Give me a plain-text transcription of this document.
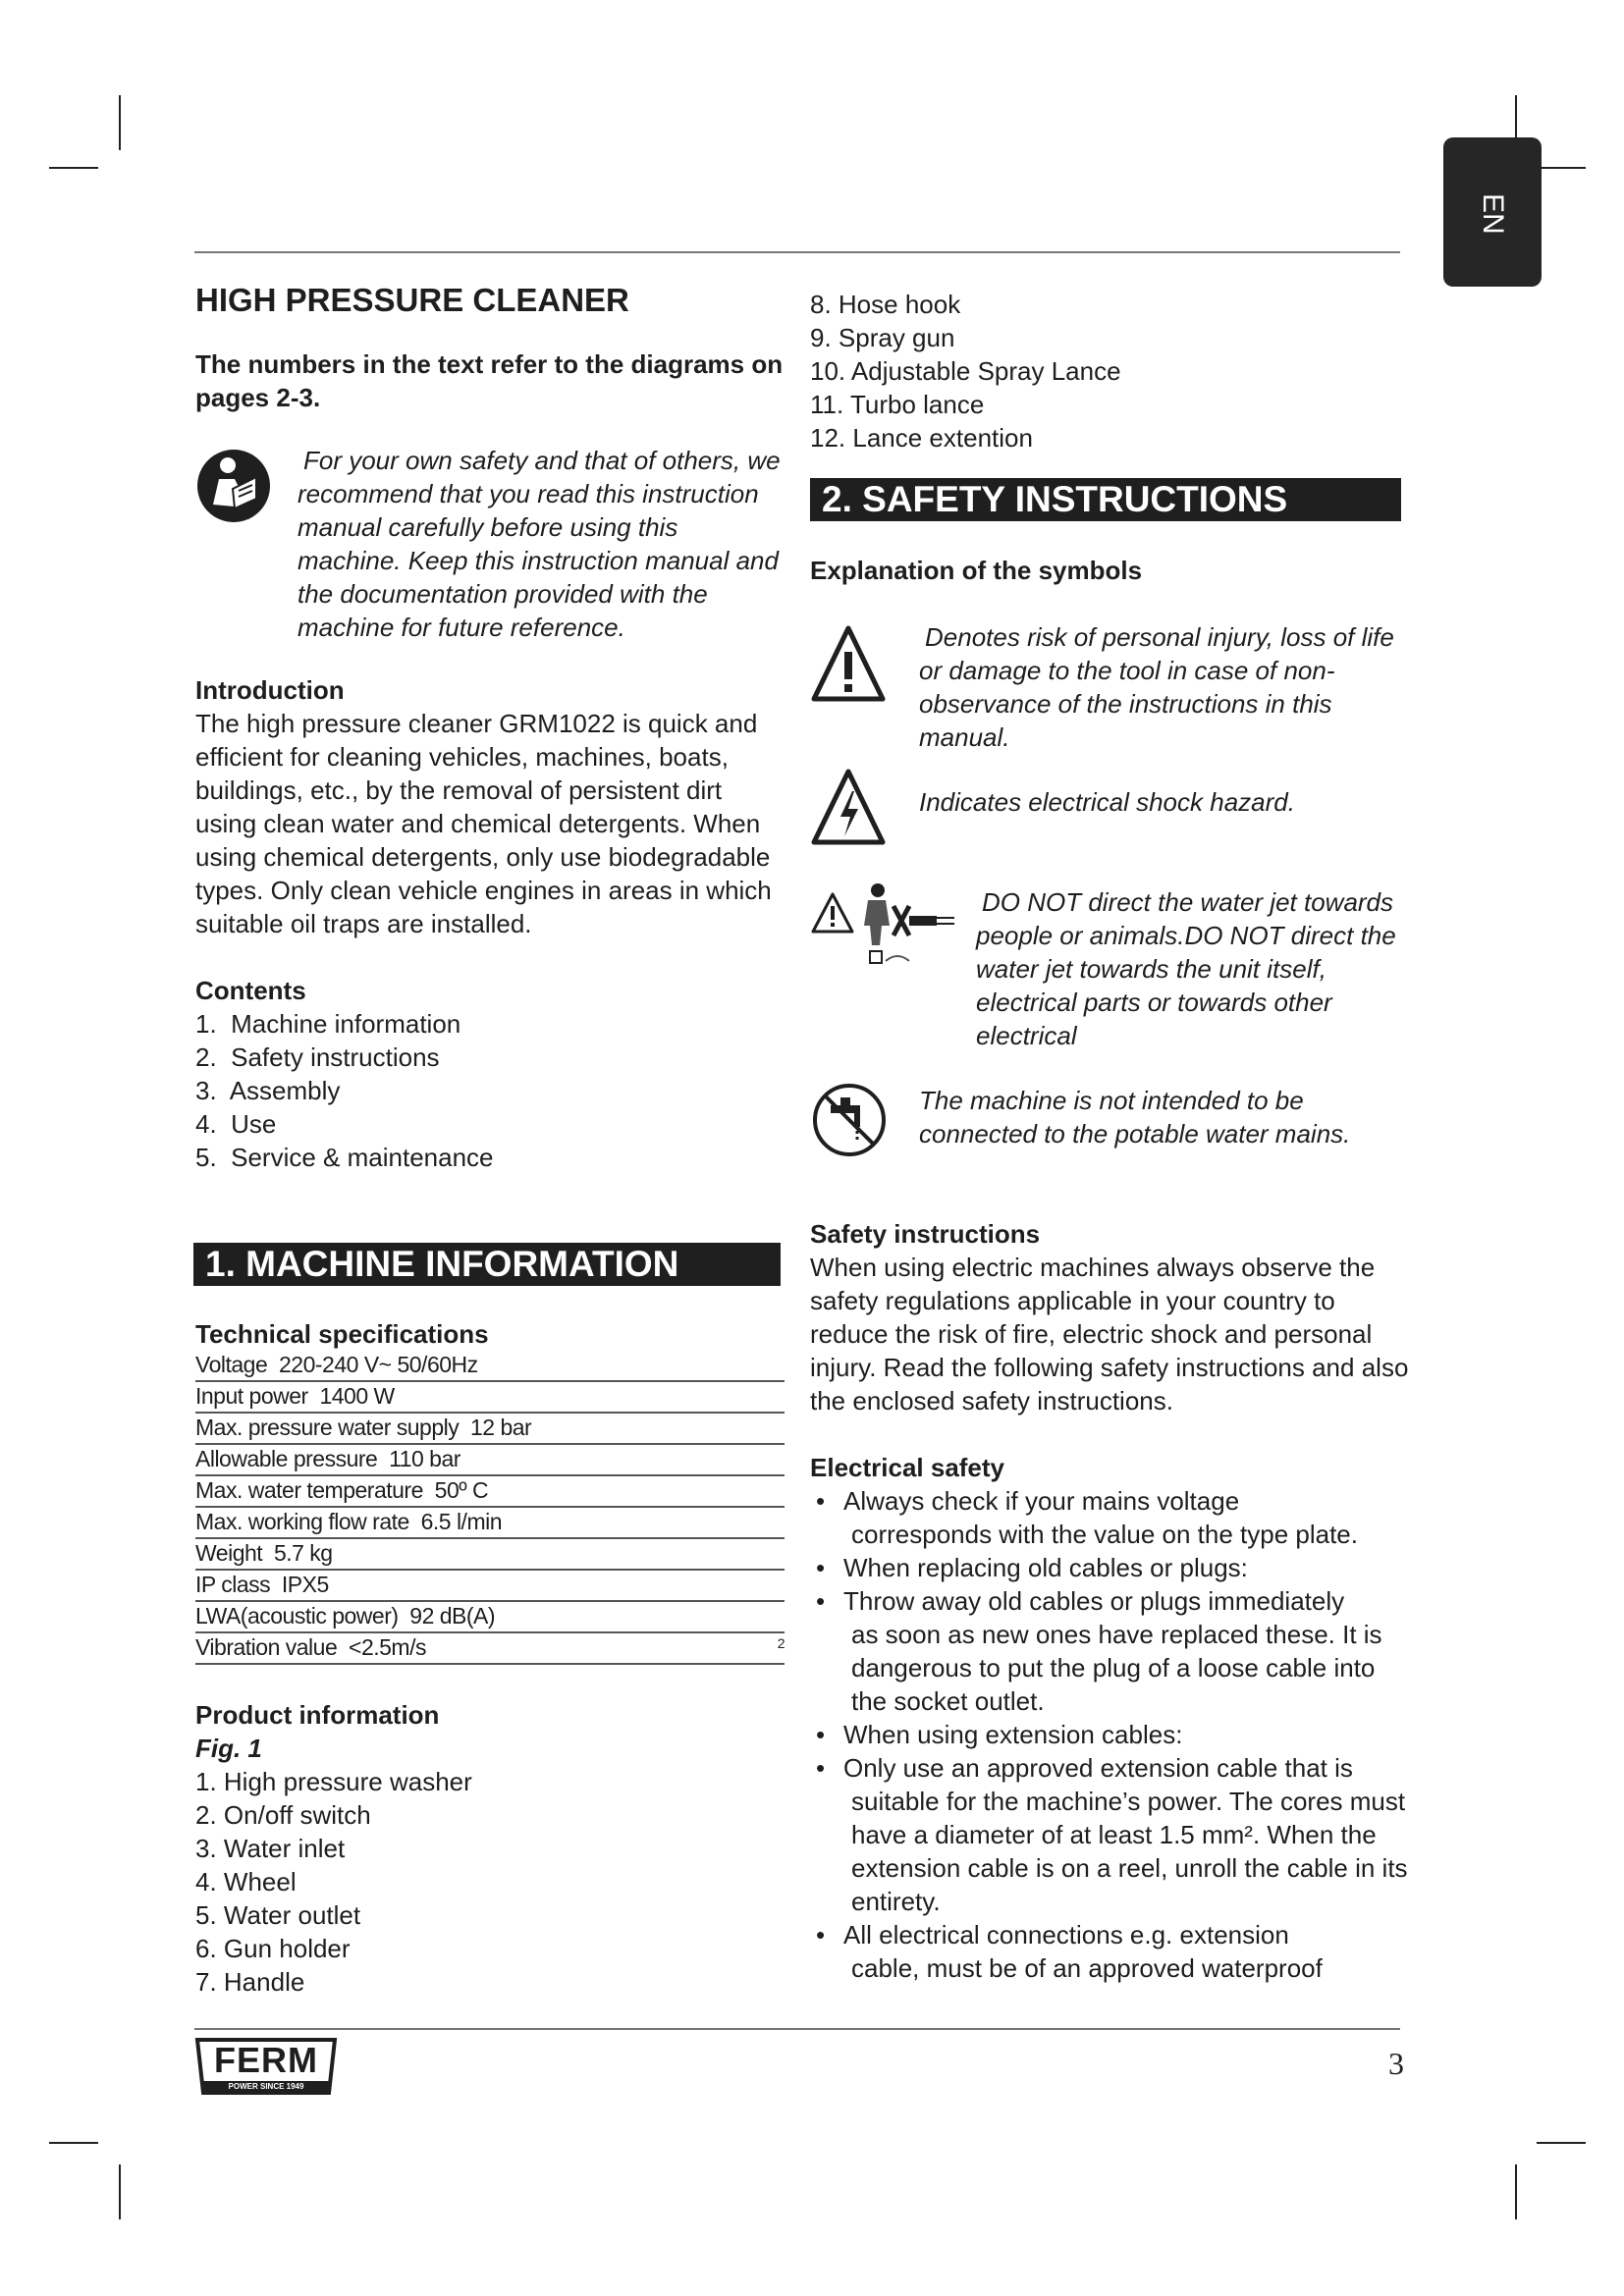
EN
HIGH PRESSURE CLEANER

The numbers in the text refer to the diagrams on pages 2-3.

For your own safety and that of others, we recommend that you read this instruction manual carefully before using this machine. Keep this instruction manual and the documentation provided with the machine for future reference.

Introduction

The high pressure cleaner GRM1022 is quick and efficient for cleaning vehicles, machines, boats, buildings, etc., by the removal of persistent dirt using clean water and chemical detergents. When using chemical detergents, only use biodegradable types. Only clean vehicle engines in areas in which suitable oil traps are installed.

Contents

1.  Machine information
2.  Safety instructions
3.  Assembly
4.  Use
5.  Service & maintenance
1. MACHINE INFORMATION

Technical specifications

Voltage  220-240 V~ 50/60Hz
Input power  1400 W
Max. pressure water supply  12 bar
Allowable pressure  110 bar
Max. water temperature  50º C
Max. working flow rate  6.5 l/min
Weight  5.7 kg
IP class  IPX5
LWA(acoustic power)  92 dB(A)
Vibration value  <2.5m/s	2

Product information

Fig. 1

1. High pressure washer
2. On/off switch
3. Water inlet
4. Wheel
5. Water outlet
6. Gun holder
7. Handle
8. Hose hook
9. Spray gun
10. Adjustable Spray Lance
11. Turbo lance
12. Lance extention
2. SAFETY INSTRUCTIONS

Explanation of the symbols

Denotes risk of personal injury, loss of life or damage to the tool in case of non-observance of the instructions in this manual.

Indicates electrical shock hazard.

DO NOT direct the water jet towards people or animals.DO NOT direct the water jet towards the unit itself, electrical parts or towards other electrical

The machine is not intended to be connected to the potable water mains.

Safety instructions

When using electric machines always observe the safety regulations applicable in your country to reduce the risk of fire, electric shock and personal injury. Read the following safety instructions and also the enclosed safety instructions.

Electrical safety

• Always check if your mains voltage
corresponds with the value on the type plate.
• When replacing old cables or plugs:
• Throw away old cables or plugs immediately
as soon as new ones have replaced these. It is dangerous to put the plug of a loose cable into the socket outlet.
• When using extension cables:
• Only use an approved extension cable that is
suitable for the machine’s power. The cores must have a diameter of at least 1.5 mm². When the extension cable is on a reel, unroll the cable in its entirety.
• All electrical connections e.g. extension
cable, must be of an approved waterproof
FERM
POWER SINCE 1949
3
